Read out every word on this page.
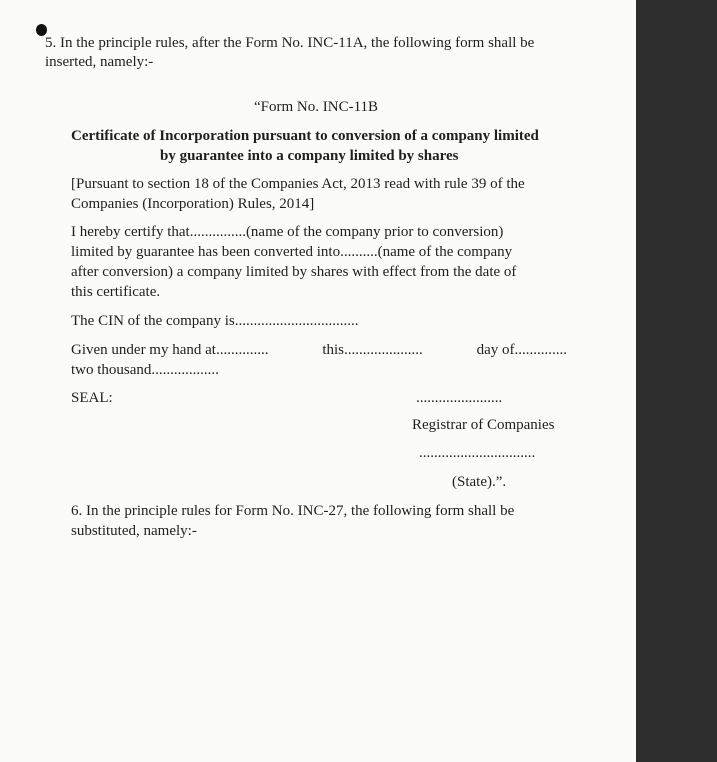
5. In the principle rules, after the Form No. INC-11A, the following form shall be
inserted, namely:-
“Form No. INC-11B
Certificate of Incorporation pursuant to conversion of a company limited
by guarantee into a company limited by shares
[Pursuant to section 18 of the Companies Act, 2013 read with rule 39 of the
Companies (Incorporation) Rules, 2014]
I hereby certify that...............(name of the company prior to conversion)
limited by guarantee has been converted into..........(name of the company
after conversion) a company limited by shares with effect from the date of
this certificate.
The CIN of the company is.................................
Given under my hand at..............	this.....................	day of..............
two thousand..................
SEAL:	.......................
Registrar of Companies
...............................
(State).”.
6. In the principle rules for Form No. INC-27, the following form shall be
substituted, namely:-
